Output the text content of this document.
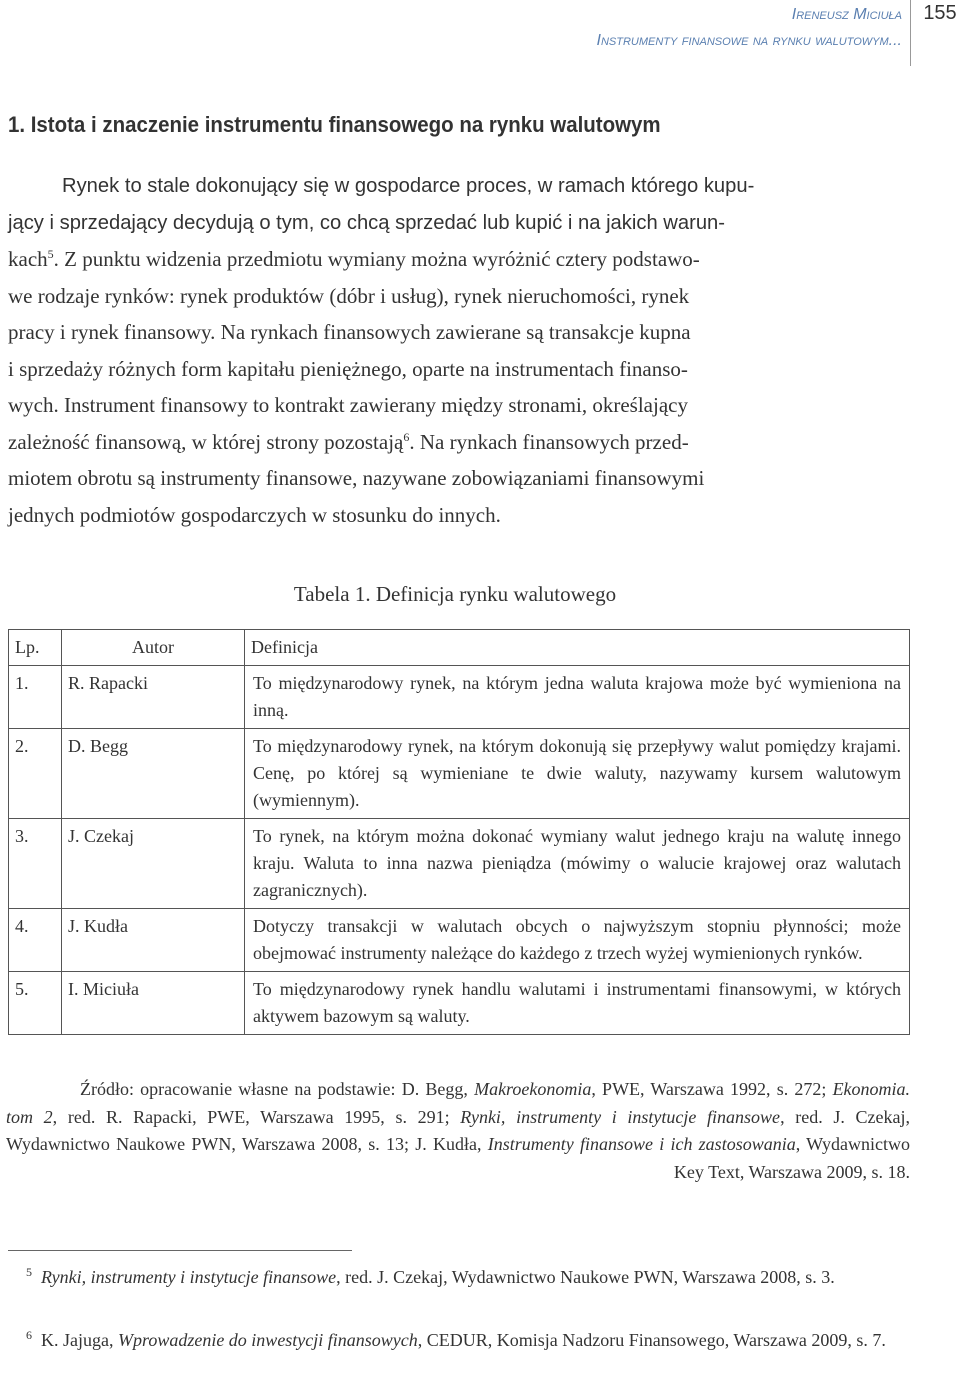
Ireneusz Miciuła
Instrumenty finansowe na rynku walutowym...
155
1. Istota i znaczenie instrumentu finansowego na rynku walutowym

Rynek to stale dokonujący się w gospodarce proces, w ramach którego kupu-
jący i sprzedający decydują o tym, co chcą sprzedać lub kupić i na jakich warun-
kach$^5$. Z punktu widzenia przedmiotu wymiany można wyróżnić cztery podstawo-
we rodzaje rynków: rynek produktów (dóbr i usług), rynek nieruchomości, rynek
pracy i rynek finansowy. Na rynkach finansowych zawierane są transakcje kupna
i sprzedaży różnych form kapitału pieniężnego, oparte na instrumentach finanso-
wych. Instrument finansowy to kontrakt zawierany między stronami, określający
zależność finansową, w której strony pozostają$^6$. Na rynkach finansowych przed-
miotem obrotu są instrumenty finansowe, nazywane zobowiązaniami finansowymi
jednych podmiotów gospodarczych w stosunku do innych.

Tabela 1. Definicja rynku walutowego

Lp.	Autor	Definicja
1.	R. Rapacki	To międzynarodowy rynek, na którym jedna waluta krajowa może być wymieniona na inną.
2.	D. Begg	To międzynarodowy rynek, na którym dokonują się przepływy walut pomiędzy krajami. Cenę, po której są wymieniane te dwie waluty, nazywamy kursem walutowym (wymiennym).
3.	J. Czekaj	To rynek, na którym można dokonać wymiany walut jednego kraju na walutę innego kraju. Waluta to inna nazwa pieniądza (mówimy o walucie krajowej oraz walutach zagranicznych).
4.	J. Kudła	Dotyczy transakcji w walutach obcych o najwyższym stopniu płynności; może obejmować instrumenty należące do każdego z trzech wyżej wymienionych rynków.
5.	I. Miciuła	To międzynarodowy rynek handlu walutami i instrumentami finansowymi, w których aktywem bazowym są waluty.

Źródło: opracowanie własne na podstawie: D. Begg, Makroekonomia, PWE, Warszawa 1992, s. 272; Ekonomia. tom 2, red. R. Rapacki, PWE, Warszawa 1995, s. 291; Rynki, instrumenty i instytucje finansowe, red. J. Czekaj, Wydawnictwo Naukowe PWN, Warszawa 2008, s. 13; J. Kudła, Instrumenty finansowe i ich zastosowania, Wydawnictwo Key Text, Warszawa 2009, s. 18.

$^5$ Rynki, instrumenty i instytucje finansowe, red. J. Czekaj, Wydawnictwo Naukowe PWN, Warszawa 2008, s. 3.

$^6$ K. Jajuga, Wprowadzenie do inwestycji finansowych, CEDUR, Komisja Nadzoru Finansowego, Warszawa 2009, s. 7.
